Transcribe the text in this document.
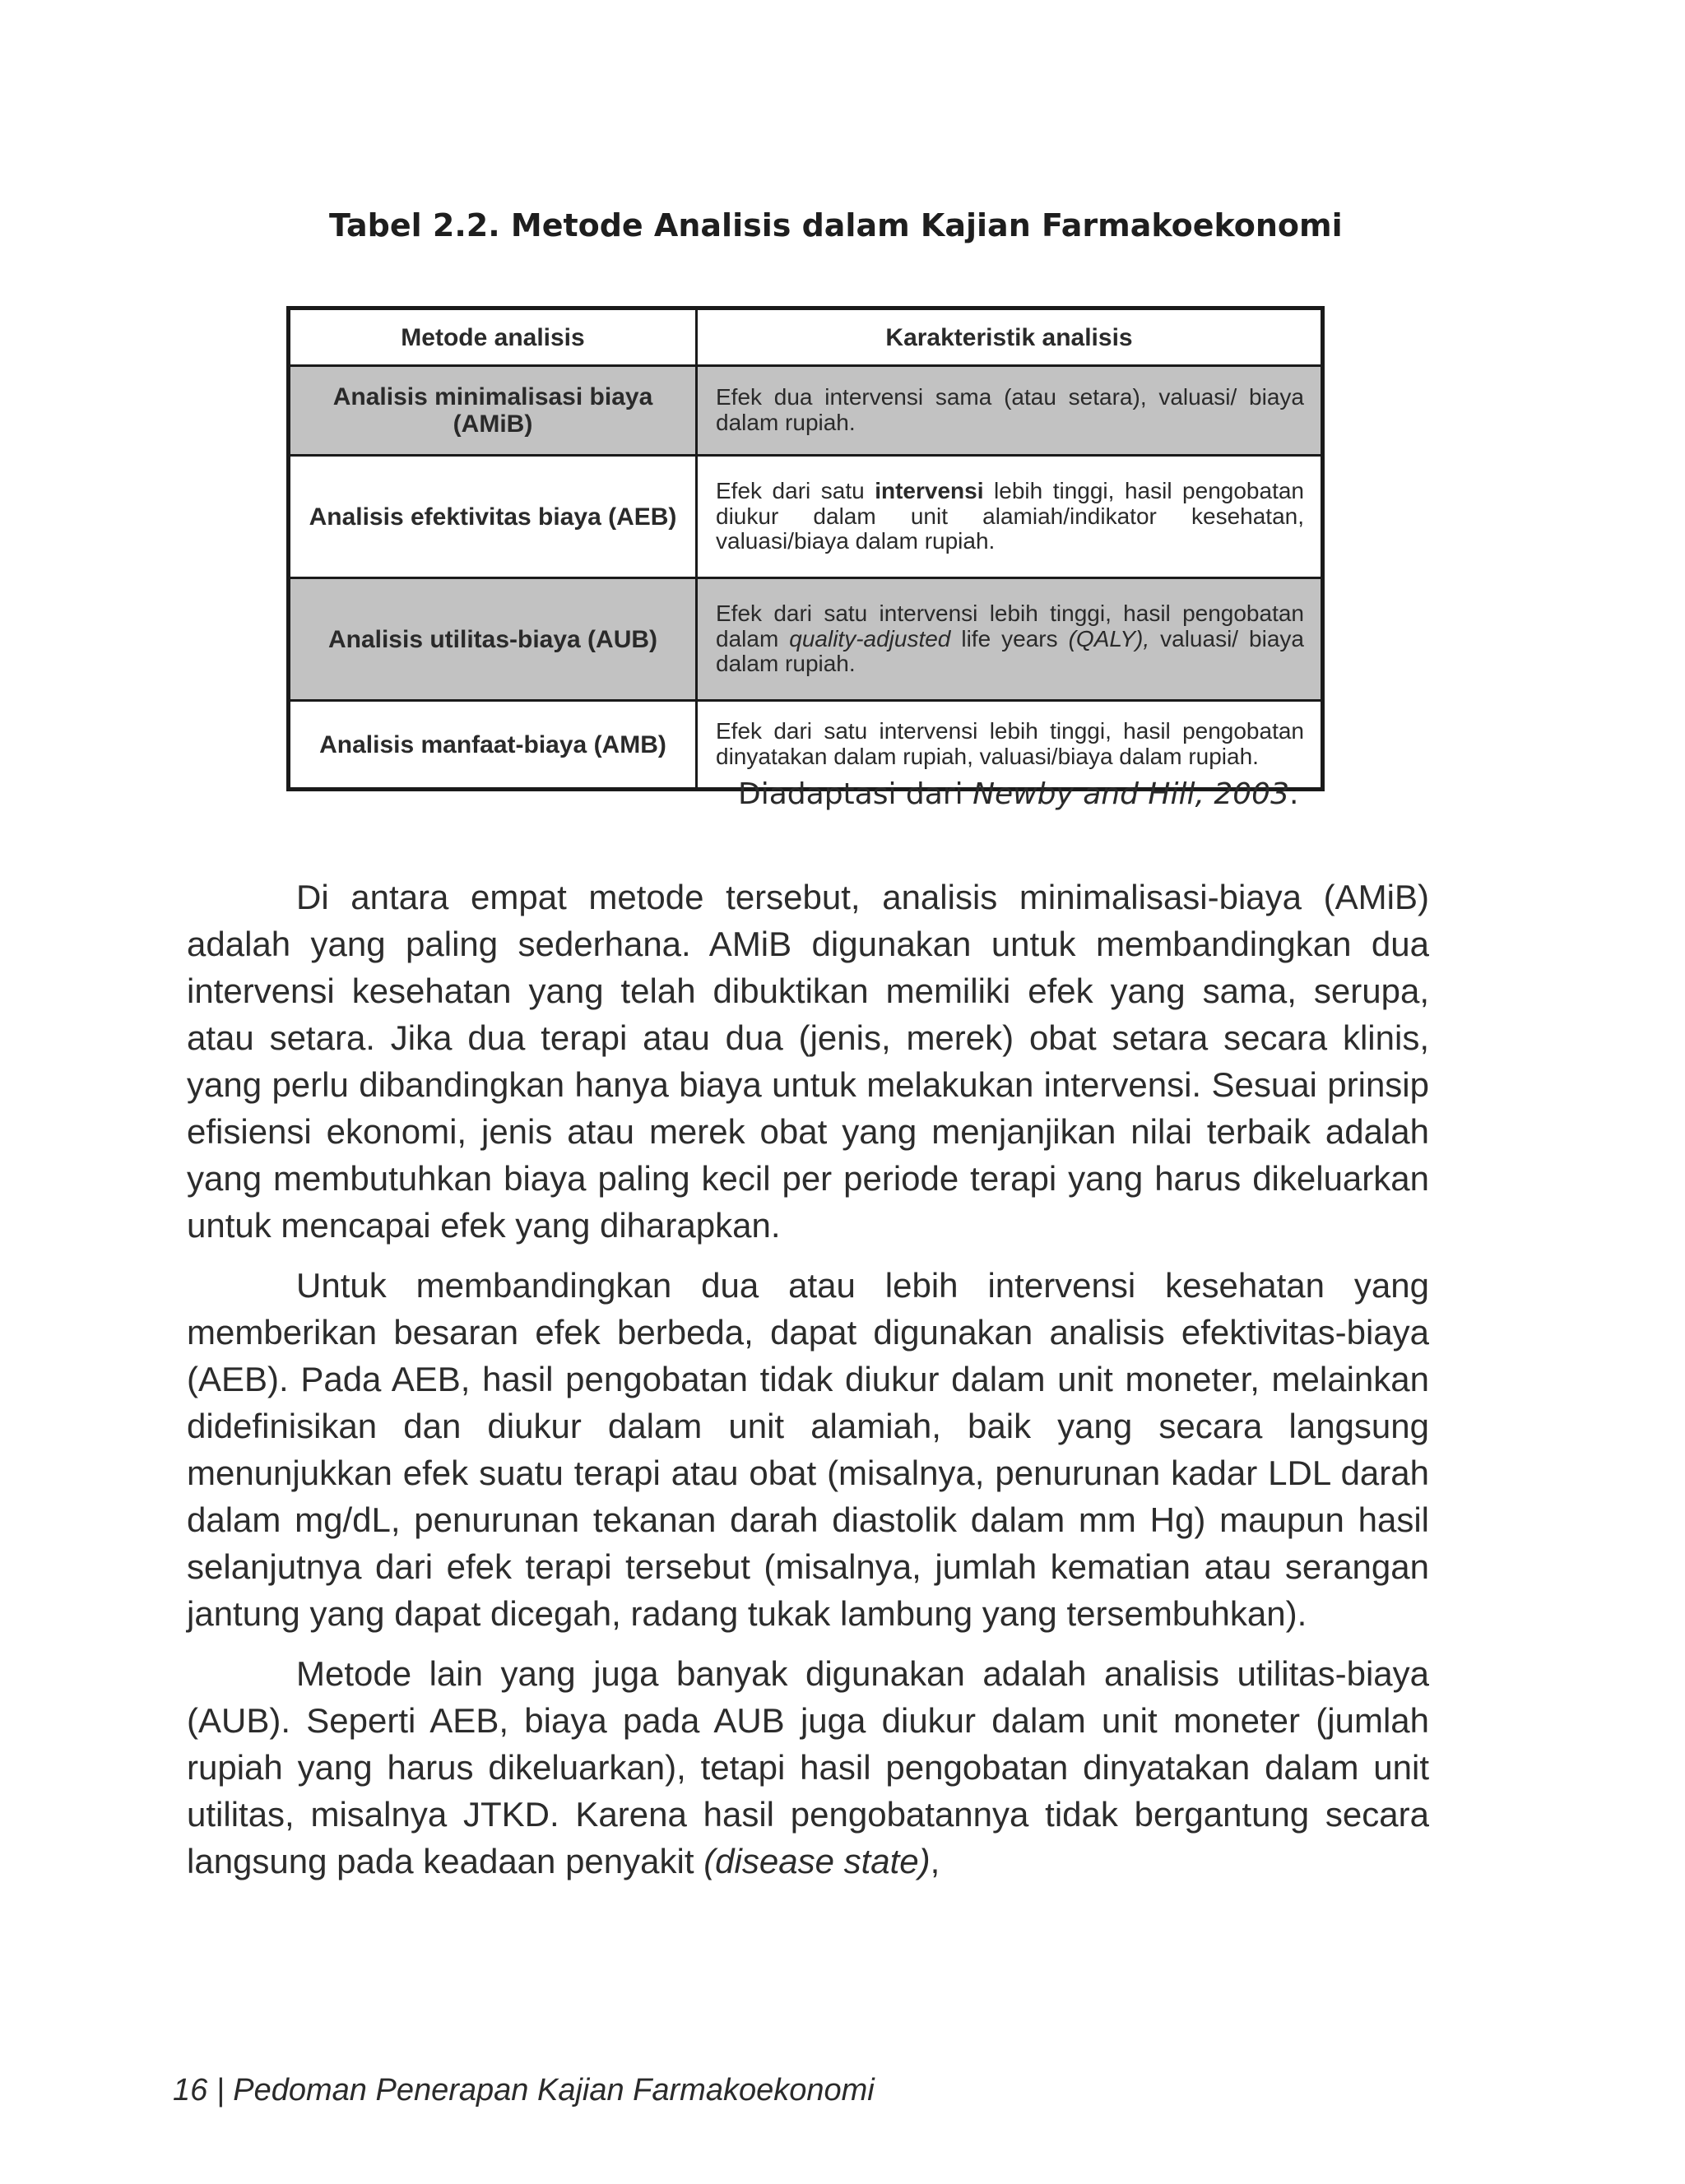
Tabel 2.2. Metode Analisis dalam Kajian Farmakoekonomi
Metode analisis	Karakteristik analisis
Analisis minimalisasi biaya (AMiB)	Efek dua intervensi sama (atau setara), valuasi/ biaya dalam rupiah.
Analisis efektivitas biaya (AEB)	Efek dari satu intervensi lebih tinggi, hasil pengobatan diukur dalam unit alamiah/indikator kesehatan, valuasi/biaya dalam rupiah.
Analisis utilitas-biaya (AUB)	Efek dari satu intervensi lebih tinggi, hasil pengobatan dalam quality-adjusted life years (QALY), valuasi/ biaya dalam rupiah.
Analisis manfaat-biaya (AMB)	Efek dari satu intervensi lebih tinggi, hasil pengobatan dinyatakan dalam rupiah, valuasi/biaya dalam rupiah.
Diadaptasi dari Newby and Hill, 2003.

Di antara empat metode tersebut, analisis minimalisasi-biaya (AMiB) adalah yang paling sederhana. AMiB digunakan untuk membandingkan dua intervensi kesehatan yang telah dibuktikan memiliki efek yang sama, serupa, atau setara. Jika dua terapi atau dua (jenis, merek) obat setara secara klinis, yang perlu dibandingkan hanya biaya untuk melakukan intervensi. Sesuai prinsip efisiensi ekonomi, jenis atau merek obat yang menjanjikan nilai terbaik adalah yang membutuhkan biaya paling kecil per periode terapi yang harus dikeluarkan untuk mencapai efek yang diharapkan.

Untuk membandingkan dua atau lebih intervensi kesehatan yang memberikan besaran efek berbeda, dapat digunakan analisis efektivitas-biaya (AEB). Pada AEB, hasil pengobatan tidak diukur dalam unit moneter, melainkan didefinisikan dan diukur dalam unit alamiah, baik yang secara langsung menunjukkan efek suatu terapi atau obat (misalnya, penurunan kadar LDL darah dalam mg/dL, penurunan tekanan darah diastolik dalam mm Hg) maupun hasil selanjutnya dari efek terapi tersebut (misalnya, jumlah kematian atau serangan jantung yang dapat dicegah, radang tukak lambung yang tersembuhkan).

Metode lain yang juga banyak digunakan adalah analisis utilitas-biaya (AUB). Seperti AEB, biaya pada AUB juga diukur dalam unit moneter (jumlah rupiah yang harus dikeluarkan), tetapi hasil pengobatan dinyatakan dalam unit utilitas, misalnya JTKD. Karena hasil pengobatannya tidak bergantung secara langsung pada keadaan penyakit (disease state),

16 | Pedoman Penerapan Kajian Farmakoekonomi
